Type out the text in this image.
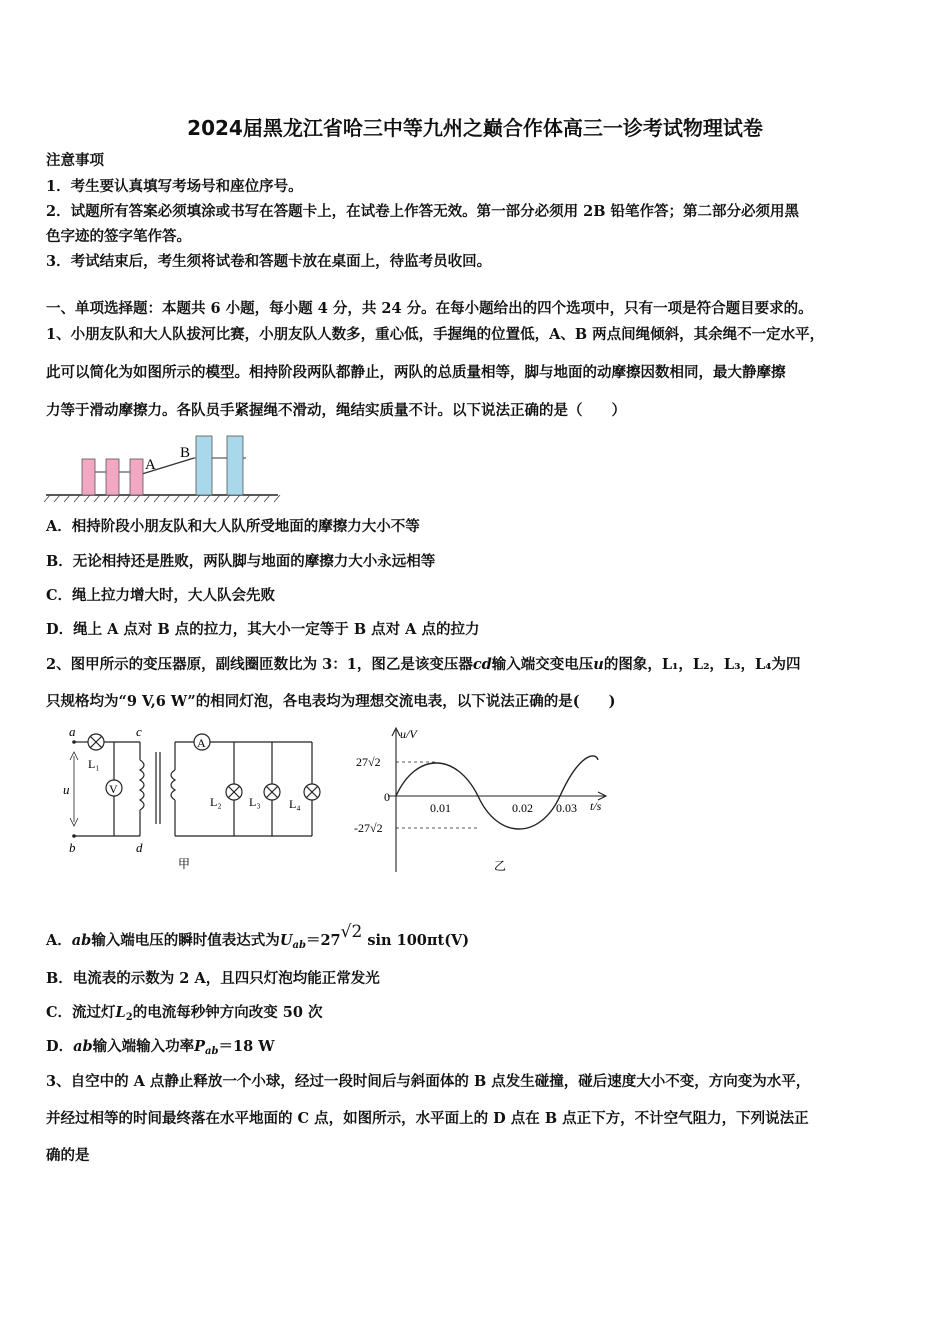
2024届黑龙江省哈三中等九州之巅合作体高三一诊考试物理试卷
注意事项
1．考生要认真填写考场号和座位序号。
2．试题所有答案必须填涂或书写在答题卡上，在试卷上作答无效。第一部分必须用 2B 铅笔作答；第二部分必须用黑
色字迹的签字笔作答。
3．考试结束后，考生须将试卷和答题卡放在桌面上，待监考员收回。
一、单项选择题：本题共 6 小题，每小题 4 分，共 24 分。在每小题给出的四个选项中，只有一项是符合题目要求的。
1、小朋友队和大人队拔河比赛，小朋友队人数多，重心低，手握绳的位置低，A、B 两点间绳倾斜，其余绳不一定水平，
此可以简化为如图所示的模型。相持阶段两队都静止，两队的总质量相等，脚与地面的动摩擦因数相同，最大静摩擦
力等于滑动摩擦力。各队员手紧握绳不滑动，绳结实质量不计。以下说法正确的是（　　）
A
B
A．相持阶段小朋友队和大人队所受地面的摩擦力大小不等
B．无论相持还是胜败，两队脚与地面的摩擦力大小永远相等
C．绳上拉力增大时，大人队会先败
D．绳上 A 点对 B 点的拉力，其大小一定等于 B 点对 A 点的拉力
2、图甲所示的变压器原，副线圈匝数比为 3：1，图乙是该变压器cd输入端交变电压u的图象，L₁，L₂，L₃，L₄为四
只规格均为“9 V,6 W”的相同灯泡，各电表均为理想交流电表，以下说法正确的是(　　)
a
b
c
d
u
L₁
V
A
L₂ L₃ L₄
甲
u/V
t/s
27√2
-27√2
0
0.01	0.02 0.03
乙
A．ab输入端电压的瞬时值表达式为$U_{ab}=27√2$ sin 100πt(V)
B．电流表的示数为 2 A，且四只灯泡均能正常发光
C．流过灯$L_2$的电流每秒钟方向改变 50 次
D．ab输入端输入功率$P_{ab}=18$ W
3、自空中的 A 点静止释放一个小球，经过一段时间后与斜面体的 B 点发生碰撞，碰后速度大小不变，方向变为水平，
并经过相等的时间最终落在水平地面的 C 点，如图所示，水平面上的 D 点在 B 点正下方，不计空气阻力，下列说法正
确的是
